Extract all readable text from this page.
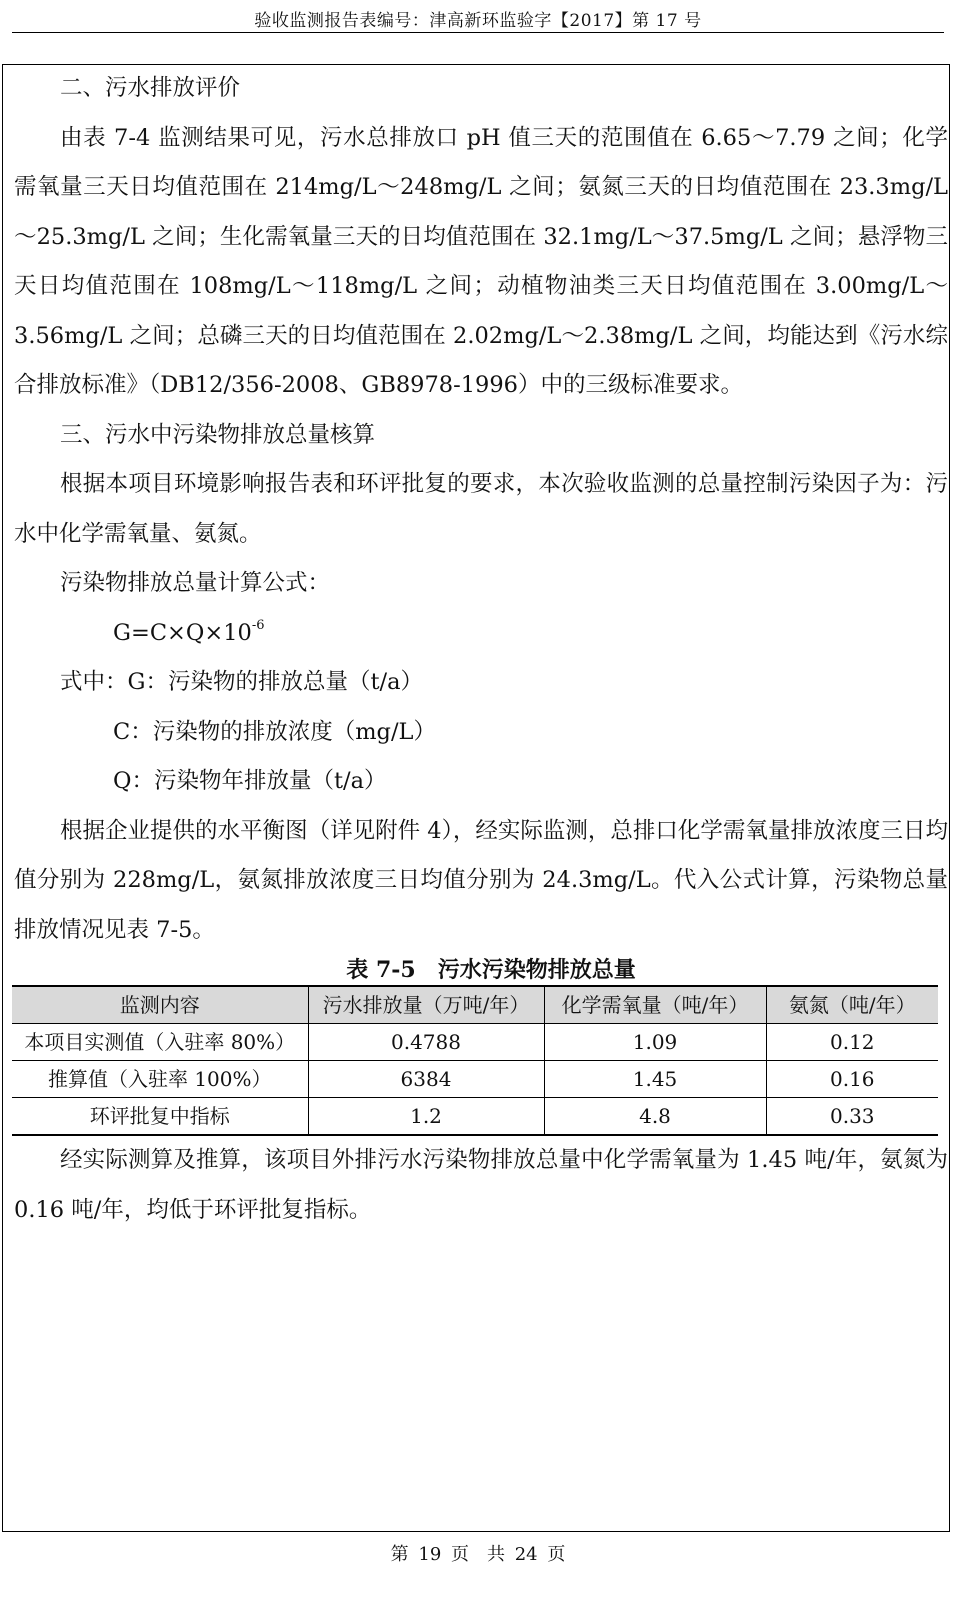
验收监测报告表编号：津高新环监验字【2017】第 17 号

二、污水排放评价

由表 7-4 监测结果可见，污水总排放口 pH 值三天的范围值在 6.65～7.79 之间；化学需氧量三天日均值范围在 214mg/L～248mg/L 之间；氨氮三天的日均值范围在 23.3mg/L～25.3mg/L 之间；生化需氧量三天的日均值范围在 32.1mg/L～37.5mg/L 之间；悬浮物三天日均值范围在 108mg/L～118mg/L 之间；动植物油类三天日均值范围在 3.00mg/L～3.56mg/L 之间；总磷三天的日均值范围在 2.02mg/L～2.38mg/L 之间，均能达到《污水综合排放标准》（DB12/356-2008、GB8978-1996）中的三级标准要求。

三、污水中污染物排放总量核算

根据本项目环境影响报告表和环评批复的要求，本次验收监测的总量控制污染因子为：污水中化学需氧量、氨氮。

污染物排放总量计算公式：

$G=C\times Q\times 10^{-6}$

式中：G：污染物的排放总量（t/a）

C：污染物的排放浓度（mg/L）

Q：污染物年排放量（t/a）

根据企业提供的水平衡图（详见附件 4），经实际监测，总排口化学需氧量排放浓度三日均值分别为 228mg/L，氨氮排放浓度三日均值分别为 24.3mg/L。代入公式计算，污染物总量排放情况见表 7-5。

表 7-5　污水污染物排放总量
监测内容	污水排放量（万吨/年）	化学需氧量（吨/年）	氨氮（吨/年）
本项目实测值（入驻率 80%）	0.4788	1.09	0.12
推算值（入驻率 100%）	6384	1.45	0.16
环评批复中指标	1.2	4.8	0.33

经实际测算及推算，该项目外排污水污染物排放总量中化学需氧量为 1.45 吨/年，氨氮为 0.16 吨/年，均低于环评批复指标。

第 19 页　共 24 页
